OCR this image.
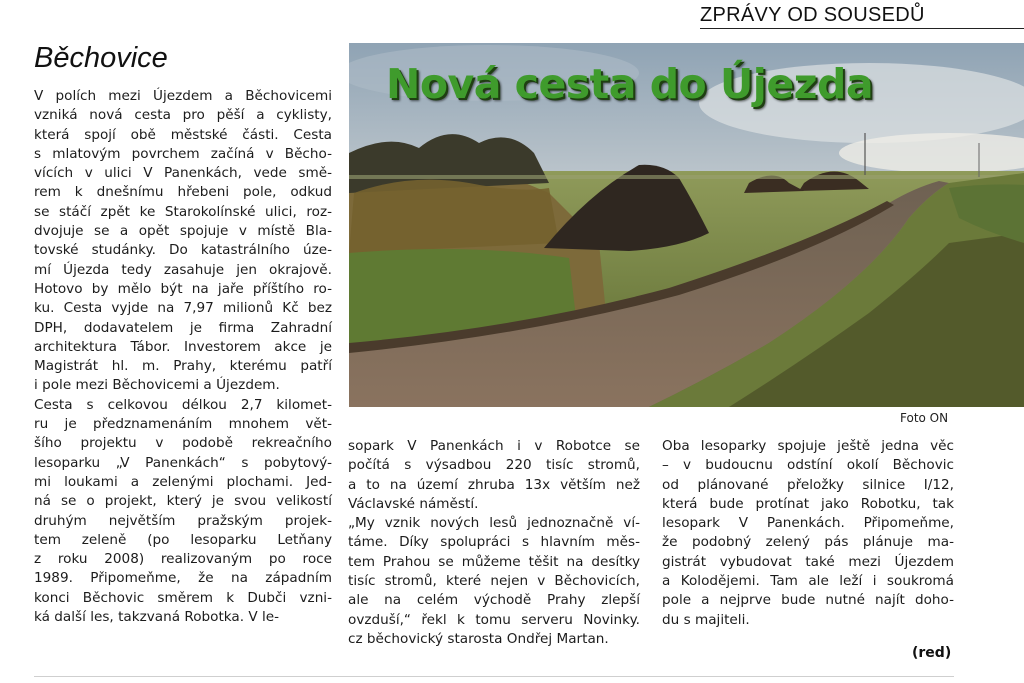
ZPRÁVY OD SOUSEDŮ
Běchovice
V polích mezi Újezdem a Běchovicemi
vzniká nová cesta pro pěší a cyklisty,
která spojí obě městské části. Cesta
s mlatovým povrchem začíná v Běcho-
vících v ulici V Panenkách, vede smě-
rem k dnešnímu hřebeni pole, odkud
se stáčí zpět ke Starokolínské ulici, roz-
dvojuje se a opět spojuje v místě Bla-
tovské studánky. Do katastrálního úze-
mí Újezda tedy zasahuje jen okrajově.
Hotovo by mělo být na jaře příštího ro-
ku. Cesta vyjde na 7,97 milionů Kč bez
DPH, dodavatelem je firma Zahradní
architektura Tábor. Investorem akce je
Magistrát hl. m. Prahy, kterému patří
i pole mezi Běchovicemi a Újezdem.
Cesta s celkovou délkou 2,7 kilomet-
ru je předznamenáním mnohem vět-
šího projektu v podobě rekreačního
lesoparku „V Panenkách“ s pobytový-
mi loukami a zelenými plochami. Jed-
ná se o projekt, který je svou velikostí
druhým největším pražským projek-
tem zeleně (po lesoparku Letňany
z roku 2008) realizovaným po roce
1989. Připomeňme, že na západním
konci Běchovic směrem k Dubči vzni-
ká další les, takzvaná Robotka. V le-
Nová cesta do Újezda
Foto ON
sopark V Panenkách i v Robotce se
počítá s výsadbou 220 tisíc stromů,
a to na území zhruba 13x větším než
Václavské náměstí.
„My vznik nových lesů jednoznačně ví-
táme. Díky spolupráci s hlavním měs-
tem Prahou se můžeme těšit na desítky
tisíc stromů, které nejen v Běchovicích,
ale na celém východě Prahy zlepší
ovzduší,“ řekl k tomu serveru Novinky.
cz běchovický starosta Ondřej Martan.
Oba lesoparky spojuje ještě jedna věc
– v budoucnu odstíní okolí Běchovic
od plánované přeložky silnice I/12,
která bude protínat jako Robotku, tak
lesopark V Panenkách. Připomeňme,
že podobný zelený pás plánuje ma-
gistrát vybudovat také mezi Újezdem
a Kolodějemi. Tam ale leží i soukromá
pole a nejprve bude nutné najít doho-
du s majiteli.
(red)
